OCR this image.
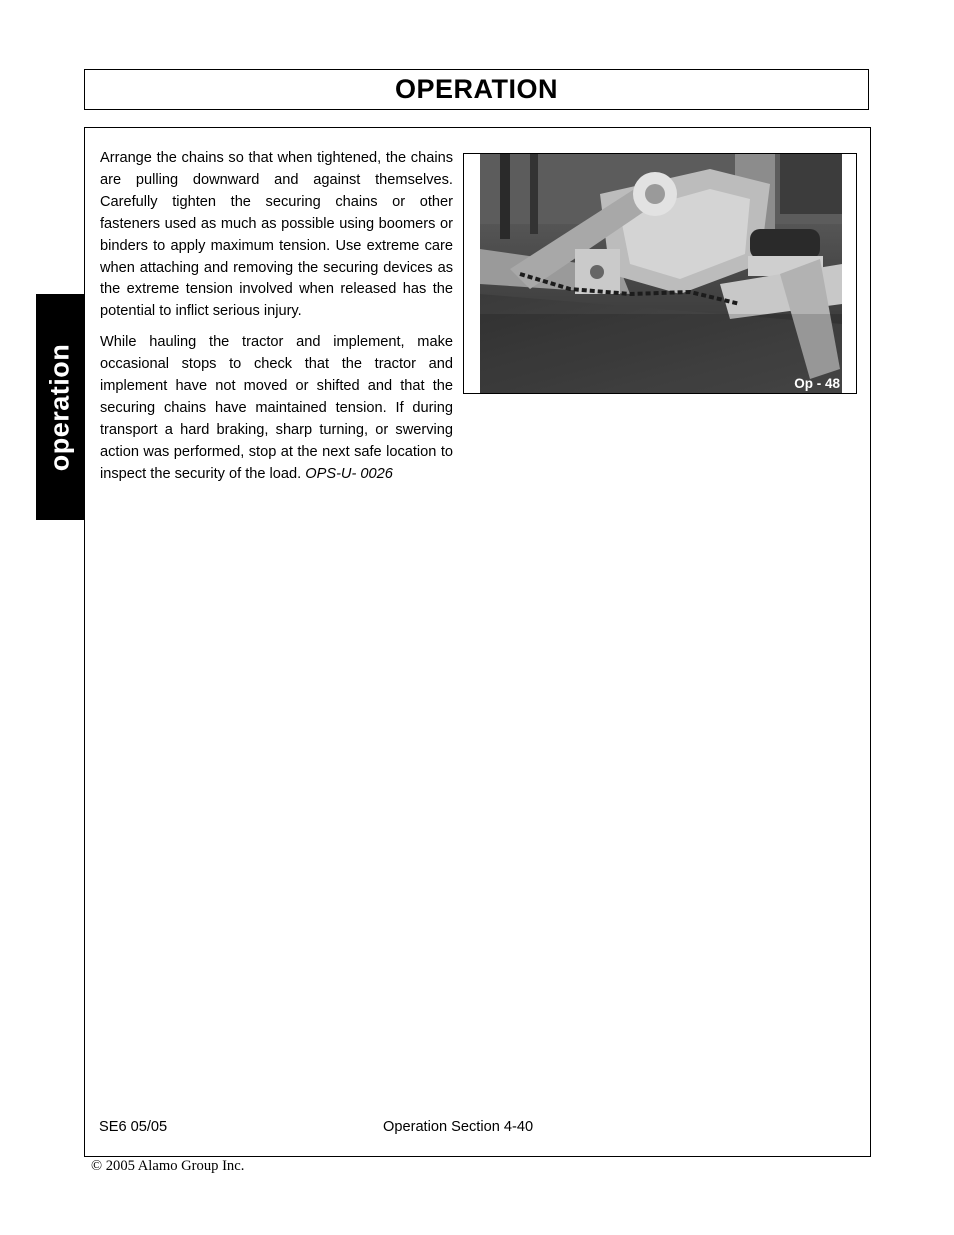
OPERATION
operation

Arrange the chains so that when tightened, the chains are pulling downward and against themselves. Carefully tighten the securing chains or other fasteners used as much as possible using boomers or binders to apply maximum tension. Use extreme care when attaching and removing the securing devices as the extreme tension involved when released has the potential to inflict serious injury.

While hauling the tractor and implement, make occasional stops to check that the tractor and implement have not moved or shifted and that the securing chains have maintained tension. If during transport a hard braking, sharp turning, or swerving action was performed, stop at the next safe location to inspect the security of the load. OPS-U- 0026

Op - 48
SE6 05/05	Operation Section 4-40
© 2005 Alamo Group Inc.
